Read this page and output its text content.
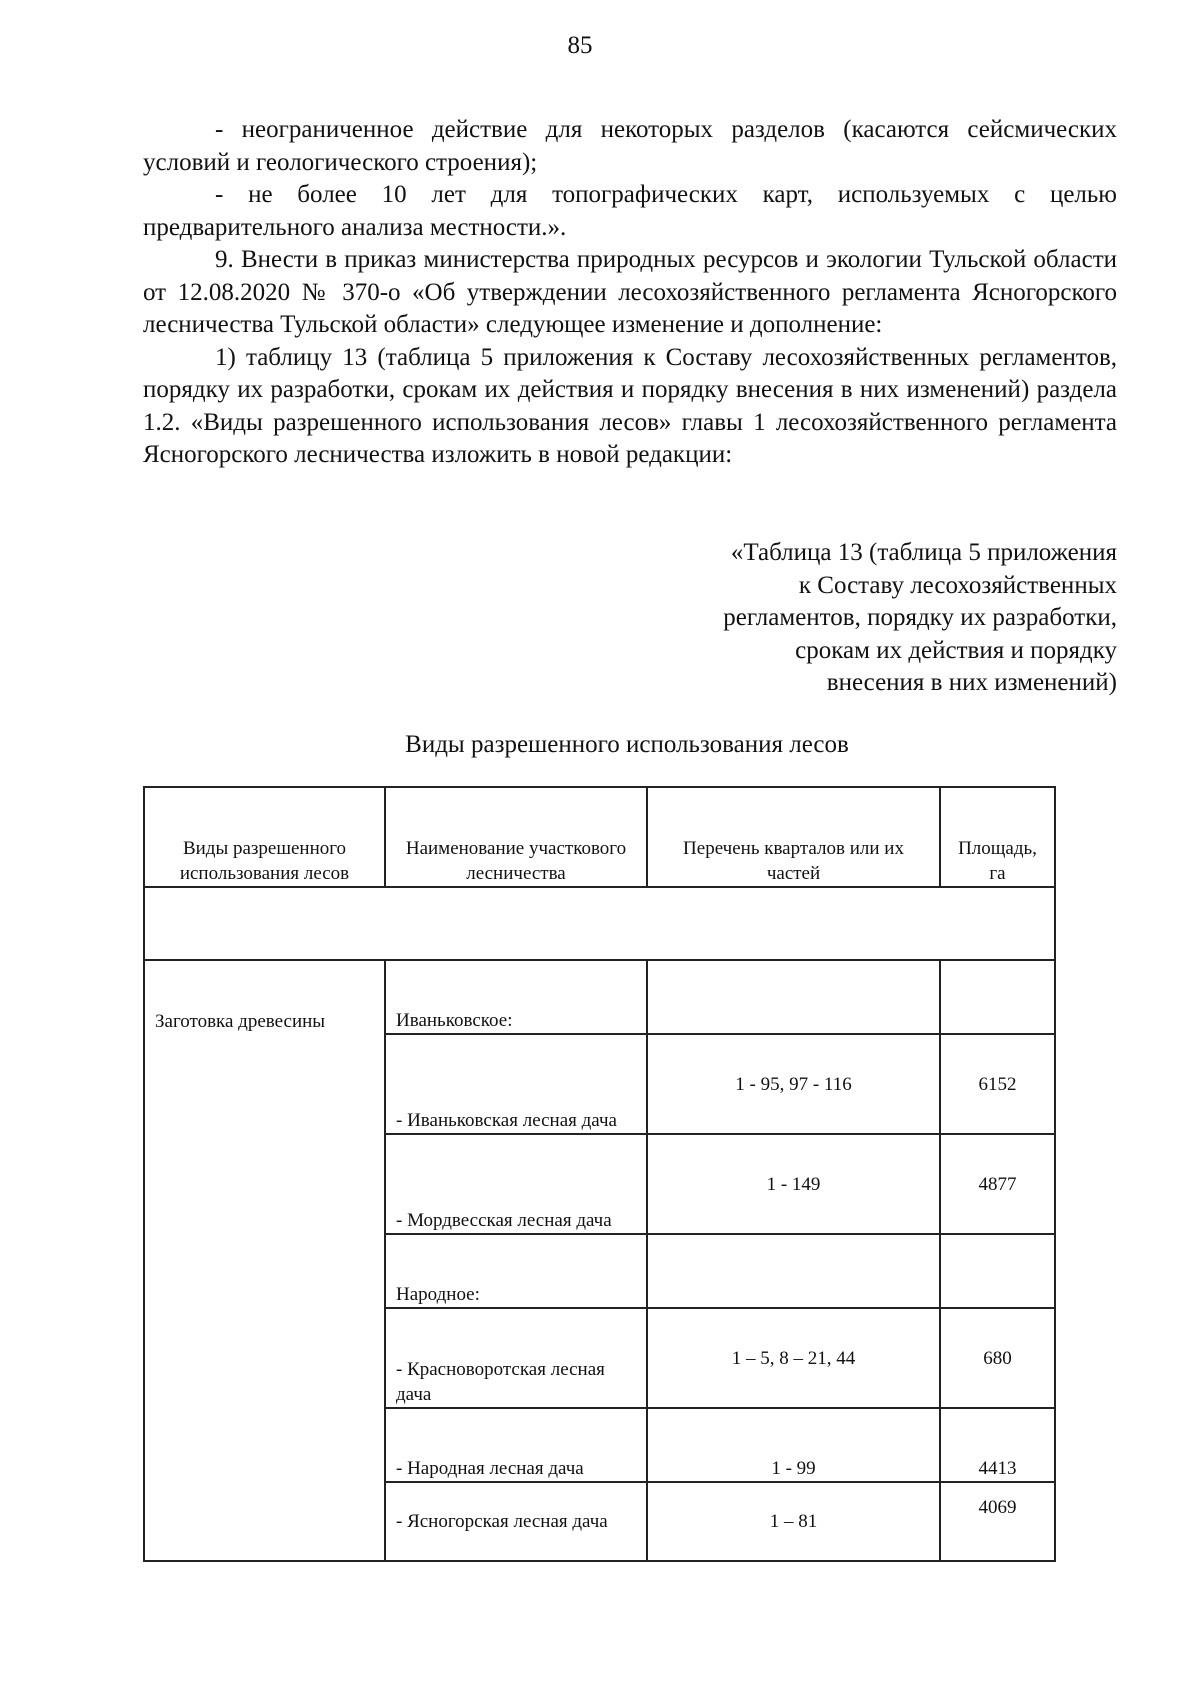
85

- неограниченное действие для некоторых разделов (касаются сейсмических условий и геологического строения);

- не более 10 лет для топографических карт, используемых с целью предварительного анализа местности.».

9. Внести в приказ министерства природных ресурсов и экологии Тульской области от 12.08.2020 № 370-о «Об утверждении лесохозяйственного регламента Ясногорского лесничества Тульской области» следующее изменение и дополнение:

1) таблицу 13 (таблица 5 приложения к Составу лесохозяйственных регламентов, порядку их разработки, срокам их действия и порядку внесения в них изменений) раздела 1.2. «Виды разрешенного использования лесов» главы 1 лесохозяйственного регламента Ясногорского лесничества изложить в новой редакции:

«Таблица 13 (таблица 5 приложения
к Составу лесохозяйственных
регламентов, порядку их разработки,
срокам их действия и порядку
внесения в них изменений)
Виды разрешенного использования лесов
Виды разрешенного использования лесов	Наименование участкового лесничества	Перечень кварталов или их частей	Площадь, га

Заготовка древесины	Иваньковское:		
	- Иваньковская лесная дача	1 - 95, 97 - 116	6152
	- Мордвесская лесная дача	1 - 149	4877
	Народное:		
	- Красноворотская лесная дача	1 – 5, 8 – 21, 44	680
	- Народная лесная дача	1 - 99	4413
	- Ясногорская лесная дача	1 – 81	4069
